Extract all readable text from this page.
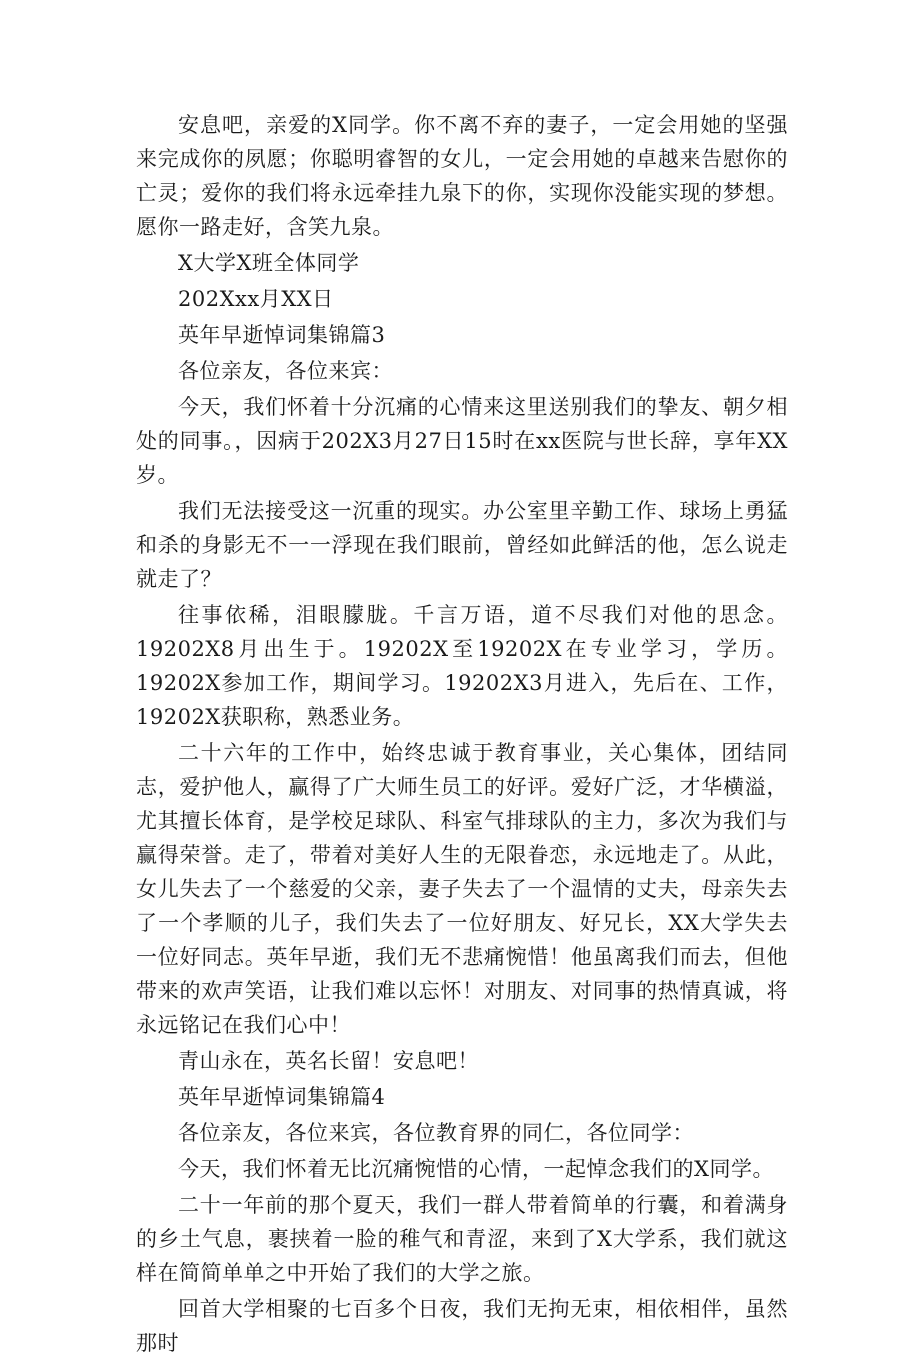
安息吧，亲爱的X同学。你不离不弃的妻子，一定会用她的坚强来完成你的夙愿；你聪明睿智的女儿，一定会用她的卓越来告慰你的亡灵；爱你的我们将永远牵挂九泉下的你，实现你没能实现的梦想。愿你一路走好，含笑九泉。

X大学X班全体同学

202Xxx月XX日

英年早逝悼词集锦篇3

各位亲友，各位来宾：

今天，我们怀着十分沉痛的心情来这里送别我们的挚友、朝夕相处的同事。，因病于202X3月27日15时在xx医院与世长辞，享年XX岁。

我们无法接受这一沉重的现实。办公室里辛勤工作、球场上勇猛和杀的身影无不一一浮现在我们眼前，曾经如此鲜活的他，怎么说走就走了？

往事依稀，泪眼朦胧。千言万语，道不尽我们对他的思念。19202X8月出生于。19202X至19202X在专业学习，学历。19202X参加工作，期间学习。19202X3月进入，先后在、工作，19202X获职称，熟悉业务。

二十六年的工作中，始终忠诚于教育事业，关心集体，团结同志，爱护他人，赢得了广大师生员工的好评。爱好广泛，才华横溢，尤其擅长体育，是学校足球队、科室气排球队的主力，多次为我们与赢得荣誉。走了，带着对美好人生的无限眷恋，永远地走了。从此，女儿失去了一个慈爱的父亲，妻子失去了一个温情的丈夫，母亲失去了一个孝顺的儿子，我们失去了一位好朋友、好兄长，XX大学失去一位好同志。英年早逝，我们无不悲痛惋惜！他虽离我们而去，但他带来的欢声笑语，让我们难以忘怀！对朋友、对同事的热情真诚，将永远铭记在我们心中！

青山永在，英名长留！安息吧！

英年早逝悼词集锦篇4

各位亲友，各位来宾，各位教育界的同仁，各位同学：

今天，我们怀着无比沉痛惋惜的心情，一起悼念我们的X同学。

二十一年前的那个夏天，我们一群人带着简单的行囊，和着满身的乡土气息，裹挟着一脸的稚气和青涩，来到了X大学系，我们就这样在简简单单之中开始了我们的大学之旅。

回首大学相聚的七百多个日夜，我们无拘无束，相依相伴，虽然那时
